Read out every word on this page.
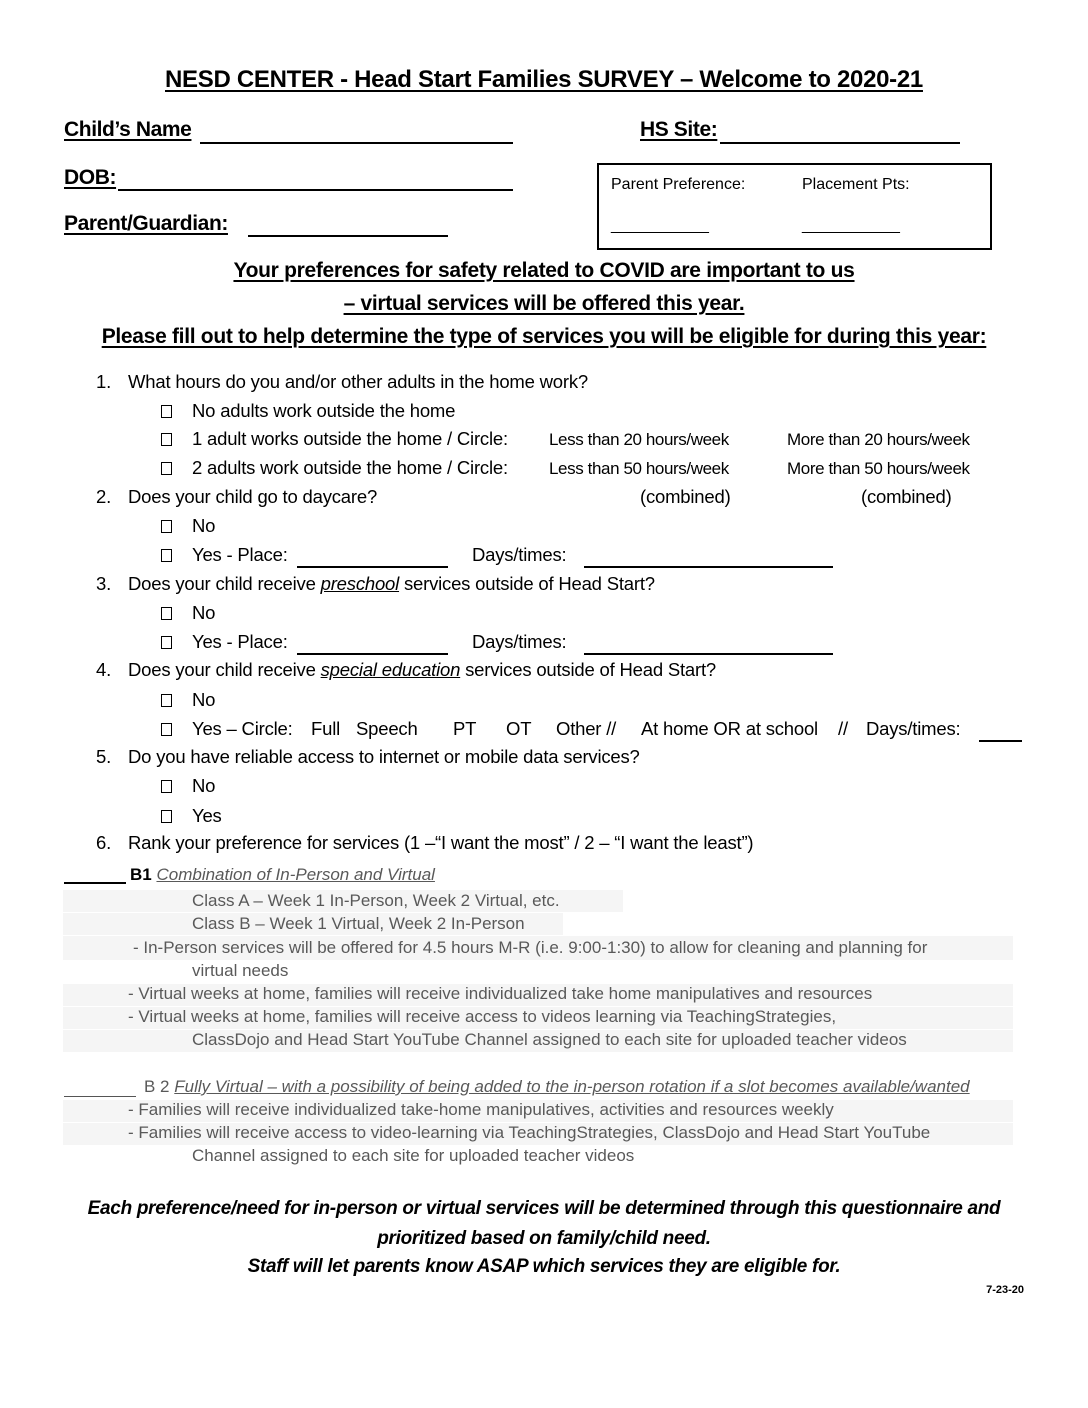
NESD CENTER - Head Start Families SURVEY – Welcome to 2020-21
Child’s Name	HS Site:
DOB:
Parent/Guardian:
Parent Preference:	Placement Pts:
___________	___________
Your preferences for safety related to COVID are important to us
– virtual services will be offered this year.
Please fill out to help determine the type of services you will be eligible for during this year:
1. What hours do you and/or other adults in the home work?
No adults work outside the home
1 adult works outside the home / Circle: Less than 20 hours/week	More than 20 hours/week
2 adults work outside the home / Circle: Less than 50 hours/week	More than 50 hours/week
2. Does your child go to daycare?	(combined)	(combined)
No
Yes - Place:	Days/times:
3. Does your child receive preschool services outside of Head Start?
No
Yes - Place:	Days/times:
4. Does your child receive special education services outside of Head Start?
No
Yes – Circle: Full Speech PT OT Other // At home OR at school // Days/times:
5. Do you have reliable access to internet or mobile data services?
No
Yes
6. Rank your preference for services (1 –“I want the most” / 2 – “I want the least”)
B1 Combination of In-Person and Virtual
Class A – Week 1 In-Person, Week 2 Virtual, etc.
Class B – Week 1 Virtual, Week 2 In-Person
- In-Person services will be offered for 4.5 hours M-R (i.e. 9:00-1:30) to allow for cleaning and planning for
virtual needs
- Virtual weeks at home, families will receive individualized take home manipulatives and resources
- Virtual weeks at home, families will receive access to videos learning via TeachingStrategies,
ClassDojo and Head Start YouTube Channel assigned to each site for uploaded teacher videos
B 2 Fully Virtual – with a possibility of being added to the in-person rotation if a slot becomes available/wanted
- Families will receive individualized take-home manipulatives, activities and resources weekly
- Families will receive access to video-learning via TeachingStrategies, ClassDojo and Head Start YouTube
Channel assigned to each site for uploaded teacher videos
Each preference/need for in-person or virtual services will be determined through this questionnaire and
prioritized based on family/child need.
Staff will let parents know ASAP which services they are eligible for.
7-23-20
